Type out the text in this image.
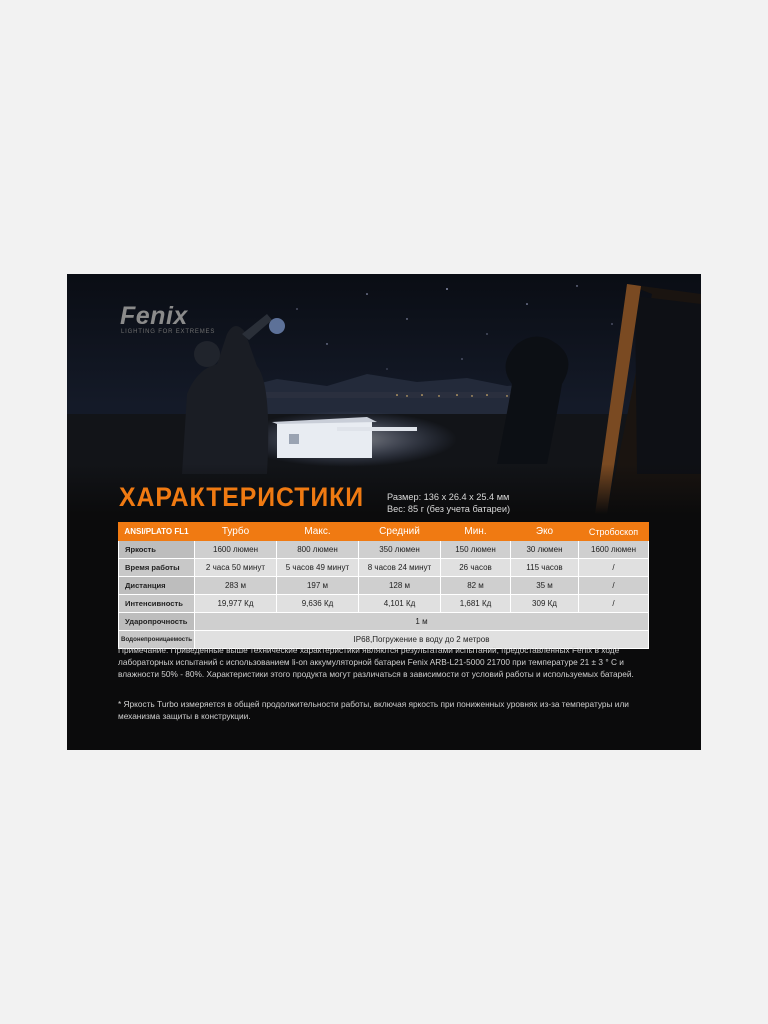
Fenix
LIGHTING FOR EXTREMES
ХАРАКТЕРИСТИКИ Размер: 136 x 26.4 x 25.4 мм
Вес: 85 г (без учета батареи)
ANSI/PLATO FL1	Турбо	Макс.	Средний	Мин.	Эко	Стробоскоп
Яркость	1600 люмен	800 люмен	350 люмен	150 люмен	30 люмен	1600 люмен
Время работы	2 часа 50 минут	5 часов 49 минут	8 часов 24 минут	26 часов	115 часов	/
Дистанция	283 м	197 м	128 м	82 м	35 м	/
Интенсивность	19,977 Кд	9,636 Кд	4,101 Кд	1,681 Кд	309 Кд	/
Ударопрочность	1 м					
Водонепроницаемость	IP68,Погружение в воду до 2 метров					

Примечание. Приведенные выше технические характеристики являются результатами испытаний, предоставленных Fenix в ходе лабораторных испытаний с использованием li-on аккумуляторной батареи Fenix ARB-L21-5000 21700 при температуре 21 ± 3 ° C и влажности 50% - 80%. Характеристики этого продукта могут различаться в зависимости от условий работы и используемых батарей.

* Яркость Turbo измеряется в общей продолжительности работы, включая яркость при пониженных уровнях из-за температуры или механизма защиты в конструкции.
